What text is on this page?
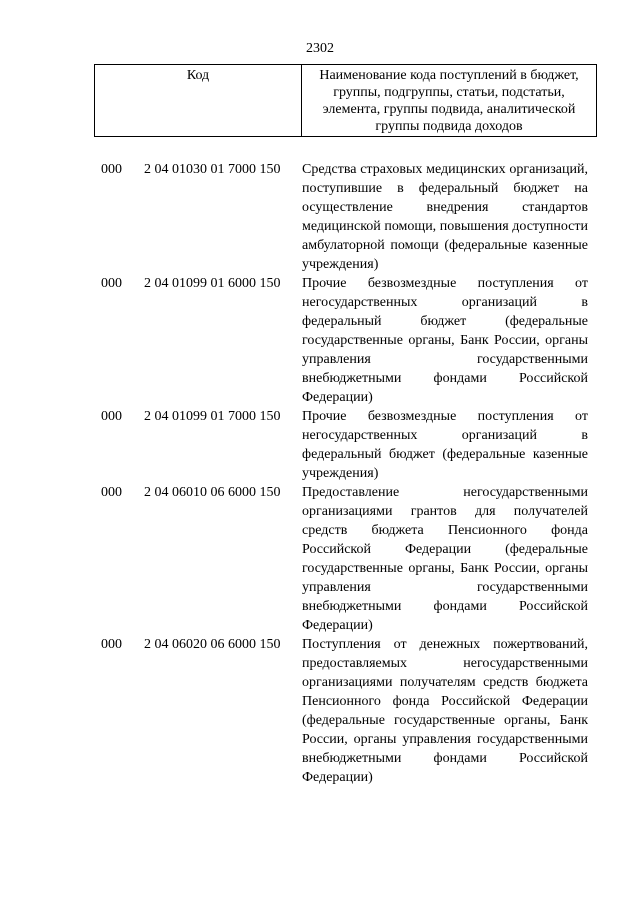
2302
Код	Наименование кода поступлений в бюджет, группы, подгруппы, статьи, подстатьи, элемента, группы подвида, аналитической группы подвида доходов
000	2 04 01030 01 7000 150	Средства страховых медицинских организаций, поступившие в федеральный бюджет на осуществление внедрения стандартов медицинской помощи, повышения доступности амбулаторной помощи (федеральные казенные учреждения)
000	2 04 01099 01 6000 150	Прочие безвозмездные поступления от негосударственных организаций в федеральный бюджет (федеральные государственные органы, Банк России, органы управления государственными внебюджетными фондами Российской Федерации)
000	2 04 01099 01 7000 150	Прочие безвозмездные поступления от негосударственных организаций в федеральный бюджет (федеральные казенные учреждения)
000	2 04 06010 06 6000 150	Предоставление негосударственными организациями грантов для получателей средств бюджета Пенсионного фонда Российской Федерации (федеральные государственные органы, Банк России, органы управления государственными внебюджетными фондами Российской Федерации)
000	2 04 06020 06 6000 150	Поступления от денежных пожертвований, предоставляемых негосударственными организациями получателям средств бюджета Пенсионного фонда Российской Федерации (федеральные государственные органы, Банк России, органы управления государственными внебюджетными фондами Российской Федерации)
